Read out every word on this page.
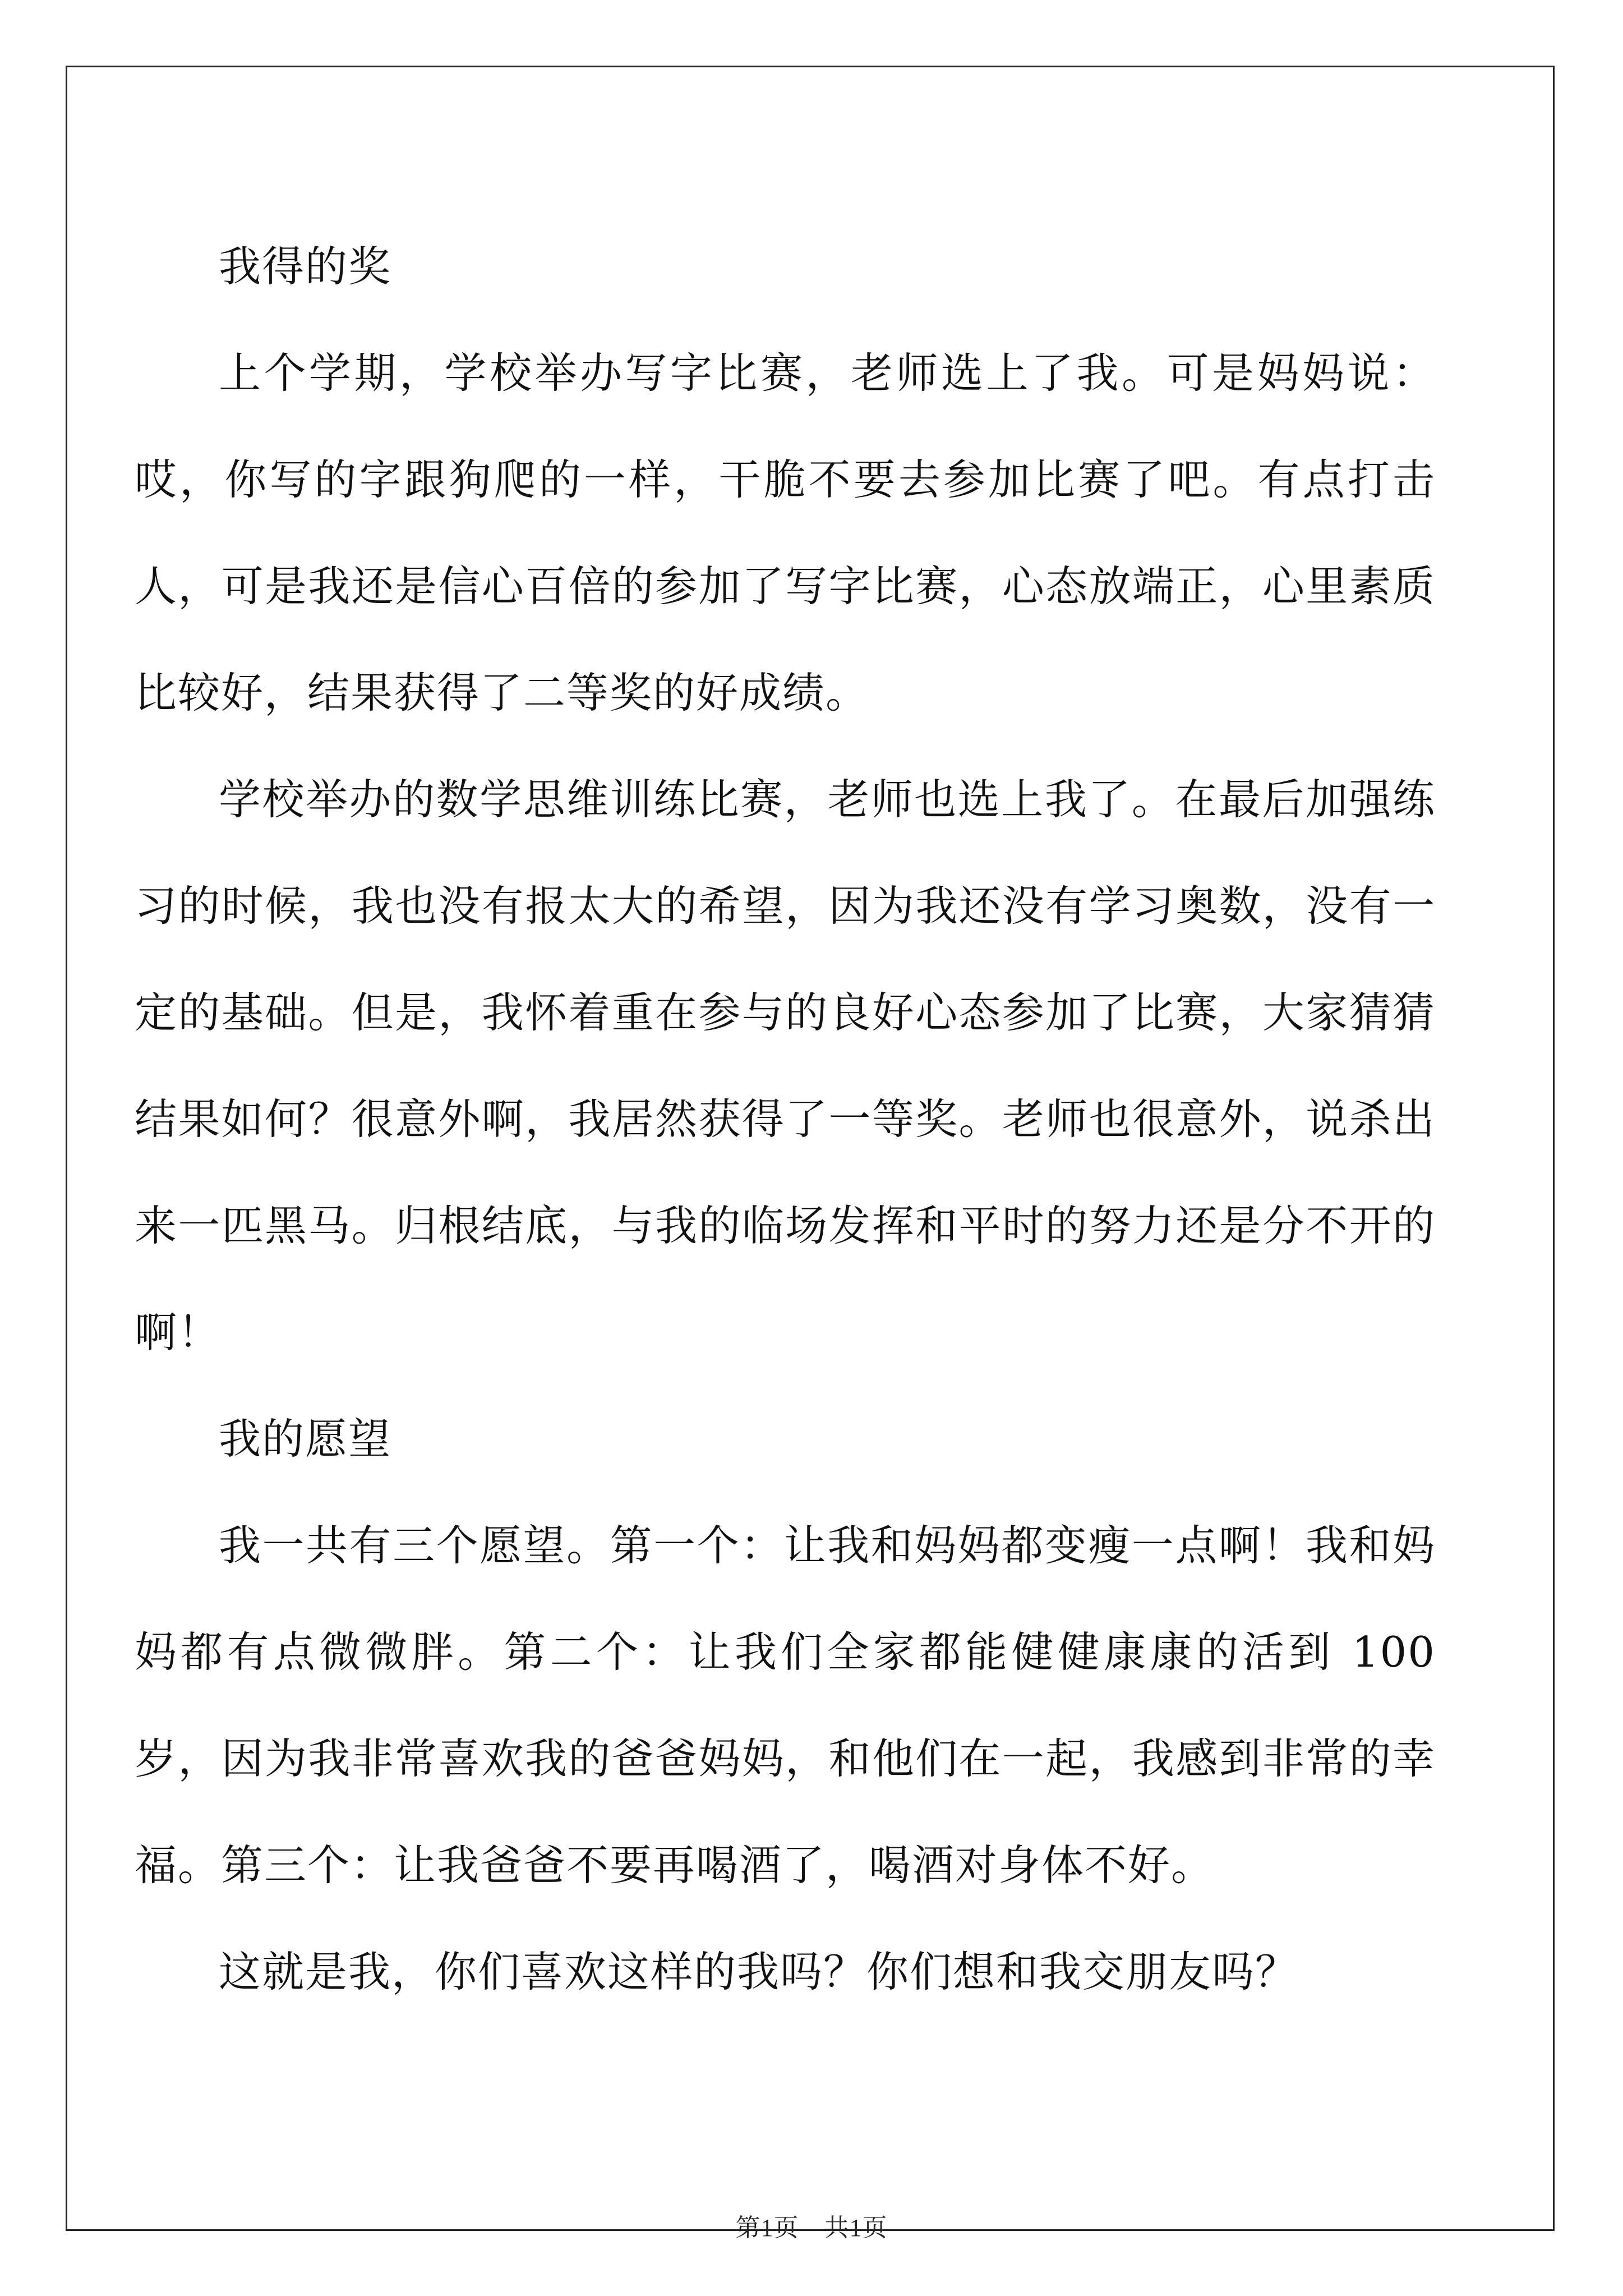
我得的奖

上个学期，学校举办写字比赛，老师选上了我。可是妈妈说：哎，你写的字跟狗爬的一样，干脆不要去参加比赛了吧。有点打击人，可是我还是信心百倍的参加了写字比赛，心态放端正，心里素质比较好，结果获得了二等奖的好成绩。

学校举办的数学思维训练比赛，老师也选上我了。在最后加强练习的时候，我也没有报太大的希望，因为我还没有学习奥数，没有一定的基础。但是，我怀着重在参与的良好心态参加了比赛，大家猜猜结果如何？很意外啊，我居然获得了一等奖。老师也很意外，说杀出来一匹黑马。归根结底，与我的临场发挥和平时的努力还是分不开的啊！

我的愿望

我一共有三个愿望。第一个：让我和妈妈都变瘦一点啊！我和妈妈都有点微微胖。第二个：让我们全家都能健健康康的活到 100 岁，因为我非常喜欢我的爸爸妈妈，和他们在一起，我感到非常的幸福。第三个：让我爸爸不要再喝酒了，喝酒对身体不好。

这就是我，你们喜欢这样的我吗？你们想和我交朋友吗？

第1页　共1页
